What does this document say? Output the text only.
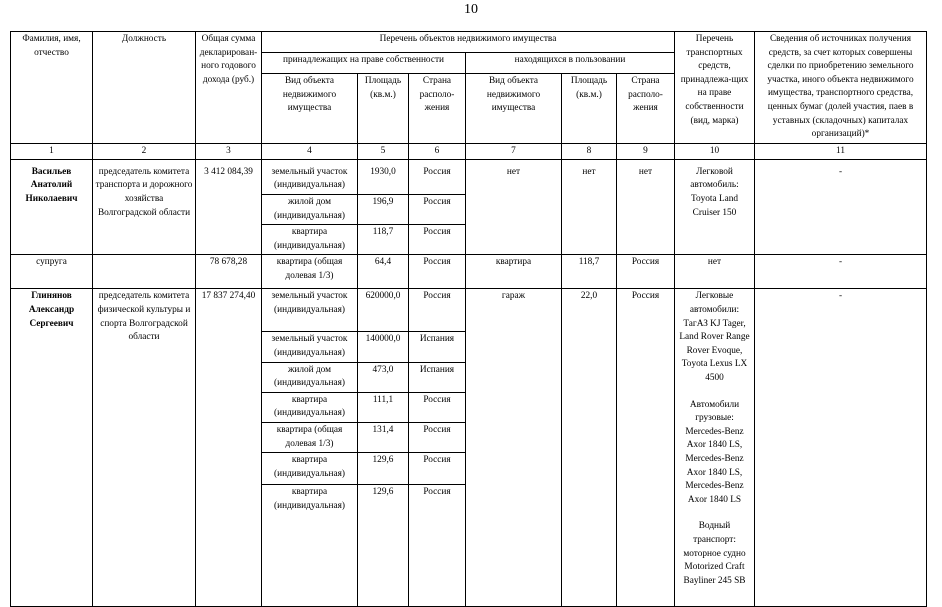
10
Фамилия, имя, отчество	Должность	Общая сумма декларирован-ного годового дохода (руб.)	Перечень объектов недвижимого имущества						Перечень транспортных средств, принадлежа-щих на праве собственности (вид, марка)	Сведения об источниках получения средств, за счет которых совершены сделки по приобретению земельного участка, иного объекта недвижимого имущества, транспортного средства, ценных бумаг (долей участия, паев в уставных (складочных) капиталах организаций)*
			принадлежащих на праве собственности			находящихся в пользовании				
			Вид объекта недвижимого имущества	Площадь (кв.м.)	Страна располо-жения	Вид объекта недвижимого имущества	Площадь (кв.м.)	Страна располо-жения		
1	2	3	4	5	6	7	8	9	10	11

Васильев Анатолий Николаевич	председатель комитета транспорта и дорожного хозяйства Волгоградской области	3 412 084,39	земельный участок (индивидуальная)	1930,0	Россия	нет	нет	нет	Легковой автомобиль: Toyota Land Cruiser 150	-
			жилой дом (индивидуальная)	196,9	Россия					
			квартира (индивидуальная)	118,7	Россия					
супруга		78 678,28	квартира (общая долевая 1/3)	64,4	Россия	квартира	118,7	Россия	нет	-
Глинянов Александр Сергеевич	председатель комитета физической культуры и спорта Волгоградской области	17 837 274,40	земельный участок (индивидуальная)	620000,0	Россия	гараж	22,0	Россия	Легковые автомобили: ТагАЗ KJ Tager, Land Rover Range Rover Evoque, Toyota Lexus LX 4500
Автомобили грузовые: Mercedes-Benz Axor 1840 LS, Mercedes-Benz Axor 1840 LS, Mercedes-Benz Axor 1840 LS
Водный транспорт: моторное судно Motorized Craft Bayliner 245 SB	-
			земельный участок (индивидуальная)	140000,0	Испания					
			жилой дом (индивидуальная)	473,0	Испания					
			квартира (индивидуальная)	111,1	Россия					
			квартира (общая долевая 1/3)	131,4	Россия					
			квартира (индивидуальная)	129,6	Россия					
			квартира (индивидуальная)	129,6	Россия					
